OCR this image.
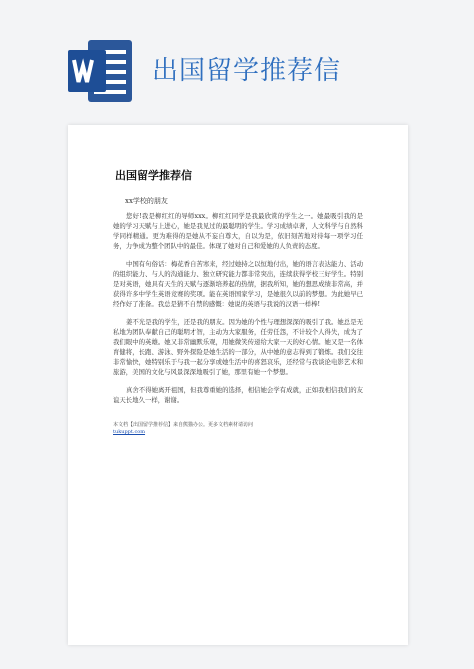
出国留学推荐信
出国留学推荐信
xx学校的朋友

您好!我是柳红红的导师xxx。柳红红同学是我最欣赏的学生之一。她最吸引我的是她的学习天赋与上进心，她是我见过的最聪明的学生。学习成绩卓著，人文科学与自然科学同样精通。更为难得的是她从不妄自尊大，自以为是，依旧刻苦地对待每一项学习任务，力争成为整个团队中的最佳。体现了她对自己和爱她的人负责的态度。

中国有句俗话：梅花香自苦寒来，经过她持之以恒地付出，她的语言表达能力、活动的组织能力、与人的沟通能力、独立研究能力都非常突出，连续获得学校三好学生。特别是对英语，她具有天生的天赋与逐渐培养起的热情，据我所知，她的想思成绩非常高，并获得许多中学生英语竞赛的奖项。能在英语国家学习，是她很久以前的梦想。为此她早已经作好了准备。我总是猜不自禁的感慨：她说的英语与我说的汉语一样棒!

姜不光是我的学生，还是我的朋友。因为她的个性与理想深深的吸引了我。她总是无私地为团队奉献自己的聪明才智，主动为大家服务，任劳任怨，不计较个人得失，成为了我们眼中的英雄。她又非常幽默乐观，用她微笑传递给大家一天的好心情。她又是一名体育健将，长跑、游泳、野外探险是她生活的一部分，从中她的意志得到了锻炼。我们交往非常愉快，她特别乐于与我一起分享或她生活中的喜怒哀乐，还经常与我谈论电影艺术和旅游，美国的文化与风景深深地吸引了她，那里有她一个梦想。

真舍不得她离开祖国，但我尊重她的选择，相信她会学有成就，正如我相信我们的友谊天长地久一样，谢谢。

本文档【出国留学推荐信】来自熊猫办公。更多文档素材请访问
tukuppt.com
